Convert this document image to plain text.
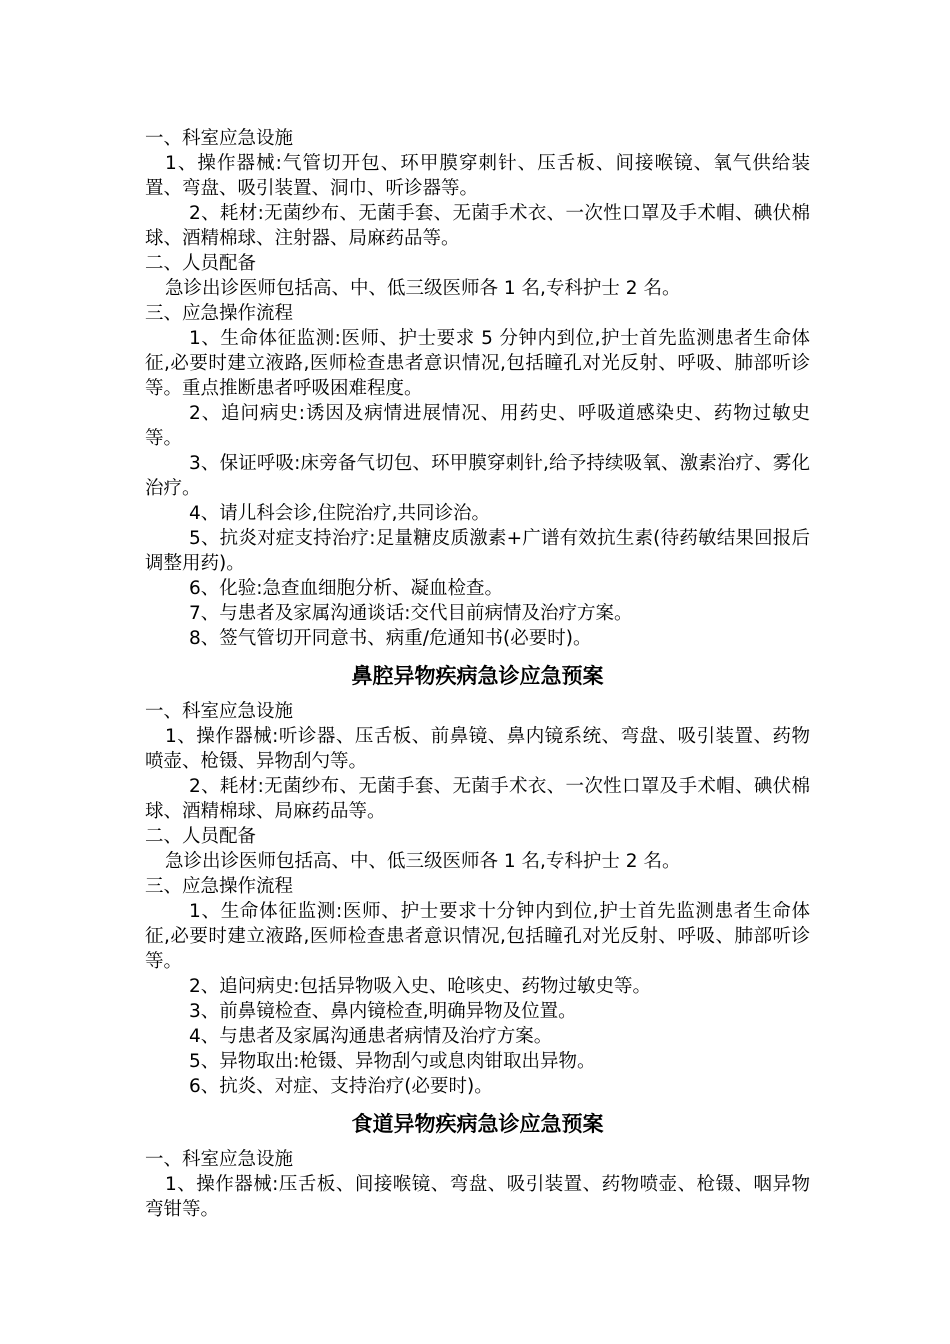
一、科室应急设施

1、操作器械:气管切开包、环甲膜穿刺针、压舌板、间接喉镜、氧气供给装置、弯盘、吸引装置、洞巾、听诊器等。

2、耗材:无菌纱布、无菌手套、无菌手术衣、一次性口罩及手术帽、碘伏棉球、酒精棉球、注射器、局麻药品等。

二、人员配备

急诊出诊医师包括高、中、低三级医师各 1 名,专科护士 2 名。

三、应急操作流程

1、生命体征监测:医师、护士要求 5 分钟内到位,护士首先监测患者生命体征,必要时建立液路,医师检查患者意识情况,包括瞳孔对光反射、呼吸、肺部听诊等。重点推断患者呼吸困难程度。

2、追问病史:诱因及病情进展情况、用药史、呼吸道感染史、药物过敏史等。

3、保证呼吸:床旁备气切包、环甲膜穿刺针,给予持续吸氧、激素治疗、雾化治疗。

4、请儿科会诊,住院治疗,共同诊治。

5、抗炎对症支持治疗:足量糖皮质激素+广谱有效抗生素(待药敏结果回报后调整用药)。

6、化验:急查血细胞分析、凝血检查。

7、与患者及家属沟通谈话:交代目前病情及治疗方案。

8、签气管切开同意书、病重/危通知书(必要时)。

鼻腔异物疾病急诊应急预案

一、科室应急设施

1、操作器械:听诊器、压舌板、前鼻镜、鼻内镜系统、弯盘、吸引装置、药物喷壶、枪镊、异物刮勺等。

2、耗材:无菌纱布、无菌手套、无菌手术衣、一次性口罩及手术帽、碘伏棉球、酒精棉球、局麻药品等。

二、人员配备

急诊出诊医师包括高、中、低三级医师各 1 名,专科护士 2 名。

三、应急操作流程

1、生命体征监测:医师、护士要求十分钟内到位,护士首先监测患者生命体征,必要时建立液路,医师检查患者意识情况,包括瞳孔对光反射、呼吸、肺部听诊等。

2、追问病史:包括异物吸入史、呛咳史、药物过敏史等。

3、前鼻镜检查、鼻内镜检查,明确异物及位置。

4、与患者及家属沟通患者病情及治疗方案。

5、异物取出:枪镊、异物刮勺或息肉钳取出异物。

6、抗炎、对症、支持治疗(必要时)。

食道异物疾病急诊应急预案

一、科室应急设施

1、操作器械:压舌板、间接喉镜、弯盘、吸引装置、药物喷壶、枪镊、咽异物弯钳等。
